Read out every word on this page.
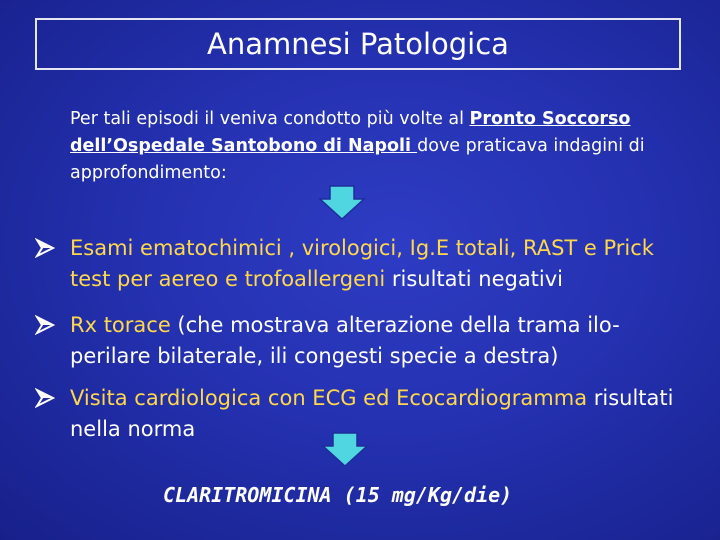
Anamnesi Patologica
Per tali episodi il veniva condotto più volte al Pronto Soccorso dell’Ospedale Santobono di Napoli dove praticava indagini di approfondimento:
Esami ematochimici , virologici, Ig.E totali, RAST e Prick test per aereo e trofoallergeni risultati negativi
Rx torace (che mostrava alterazione della trama ilo-perilare bilaterale, ili congesti specie a destra)
Visita cardiologica con ECG ed Ecocardiogramma risultati nella norma
CLARITROMICINA (15 mg/Kg/die)
